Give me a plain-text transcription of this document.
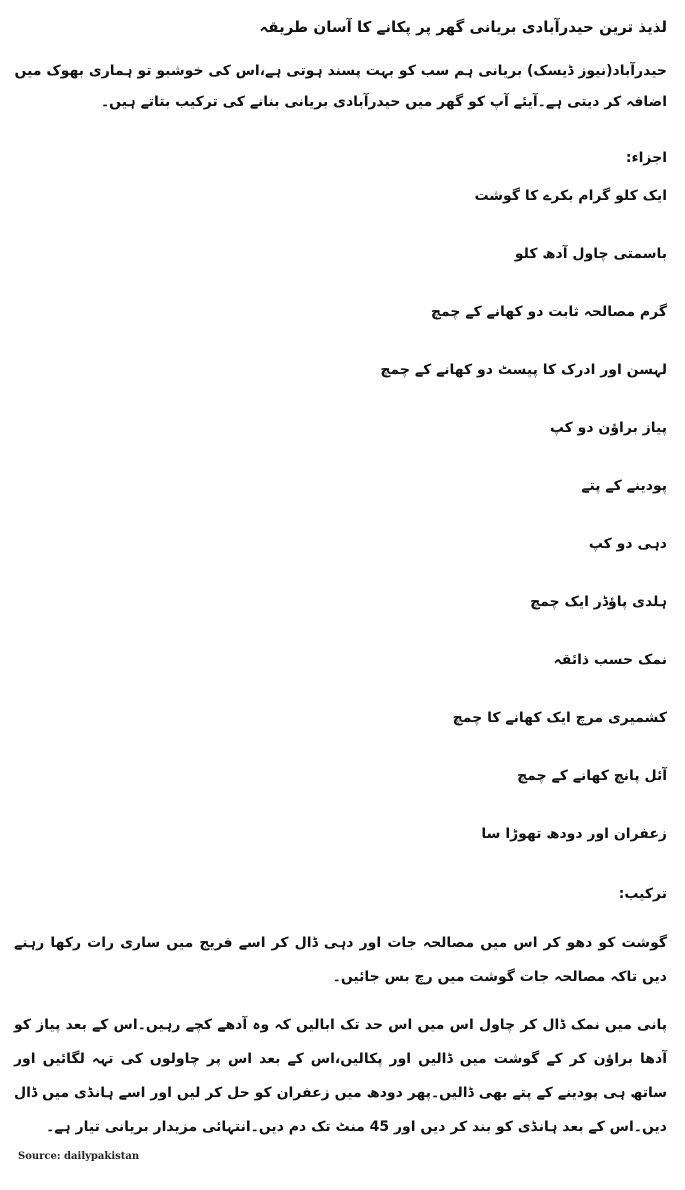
لذیذ ترین حیدرآبادی بریانی گھر پر پکانے کا آسان طریقہ

حیدرآباد(نیوز ڈیسک) بریانی ہم سب کو بہت پسند ہوتی ہے،اس کی خوشبو تو ہماری بھوک میں اضافہ کر دیتی ہے۔آیئے آپ کو گھر میں حیدرآبادی بریانی بنانے کی ترکیب بتاتے ہیں۔

اجزاء:
ایک کلو گرام بکرے کا گوشت
باسمتی چاول آدھ کلو
گرم مصالحہ ثابت دو کھانے کے چمچ
لہسن اور ادرک کا پیسٹ دو کھانے کے چمچ
پیاز براؤن دو کپ
پودینے کے پتے
دہی دو کپ
ہلدی پاؤڈر ایک چمچ
نمک حسب ذائقہ
کشمیری مرچ ایک کھانے کا چمچ
آئل پانچ کھانے کے چمچ
زعفران اور دودھ تھوڑا سا
ترکیب:

گوشت کو دھو کر اس میں مصالحہ جات اور دہی ڈال کر اسے فریج میں ساری رات رکھا رہنے دیں تاکہ مصالحہ جات گوشت میں رچ بس جائیں۔

پانی میں نمک ڈال کر چاول اس میں اس حد تک ابالیں کہ وہ آدھے کچے رہیں۔اس کے بعد پیاز کو آدھا براؤن کر کے گوشت میں ڈالیں اور پکالیں،اس کے بعد اس پر چاولوں کی تہہ لگائیں اور ساتھ ہی پودینے کے پتے بھی ڈالیں۔پھر دودھ میں زعفران کو حل کر لیں اور اسے ہانڈی میں ڈال دیں۔اس کے بعد ہانڈی کو بند کر دیں اور 45 منٹ تک دم دیں۔انتہائی مزیدار بریانی تیار ہے۔

Source: dailypakistan
